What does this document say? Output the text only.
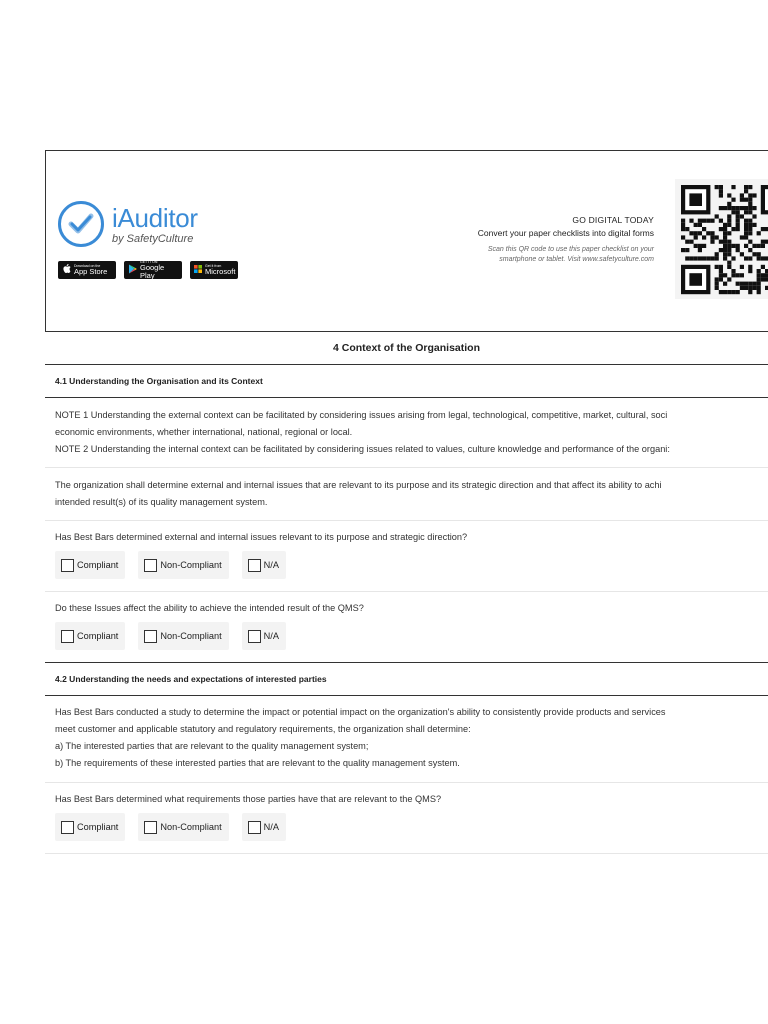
iAuditor
by SafetyCulture
Download on the
App Store
GET IT ON
Google Play
Get it from
Microsoft
GO DIGITAL TODAY
Convert your paper checklists into digital forms
Scan this QR code to use this paper checklist on your
smartphone or tablet. Visit www.safetyculture.com
4 Context of the Organisation
4.1 Understanding the Organisation and its Context
NOTE 1 Understanding the external context can be facilitated by considering issues arising from legal, technological, competitive, market, cultural, soci
economic environments, whether international, national, regional or local.
NOTE 2 Understanding the internal context can be facilitated by considering issues related to values, culture knowledge and performance of the organi:
The organization shall determine external and internal issues that are relevant to its purpose and its strategic direction and that affect its ability to achi
intended result(s) of its quality management system.
Has Best Bars determined external and internal issues relevant to its purpose and strategic direction?
Compliant	Non-Compliant	N/A
Do these Issues affect the ability to achieve the intended result of the QMS?
Compliant	Non-Compliant	N/A
4.2 Understanding the needs and expectations of interested parties
Has Best Bars conducted a study to determine the impact or potential impact on the organization's ability to consistently provide products and services
meet customer and applicable statutory and regulatory requirements, the organization shall determine:
a) The interested parties that are relevant to the quality management system;
b) The requirements of these interested parties that are relevant to the quality management system.
Has Best Bars determined what requirements those parties have that are relevant to the QMS?
Compliant	Non-Compliant	N/A
